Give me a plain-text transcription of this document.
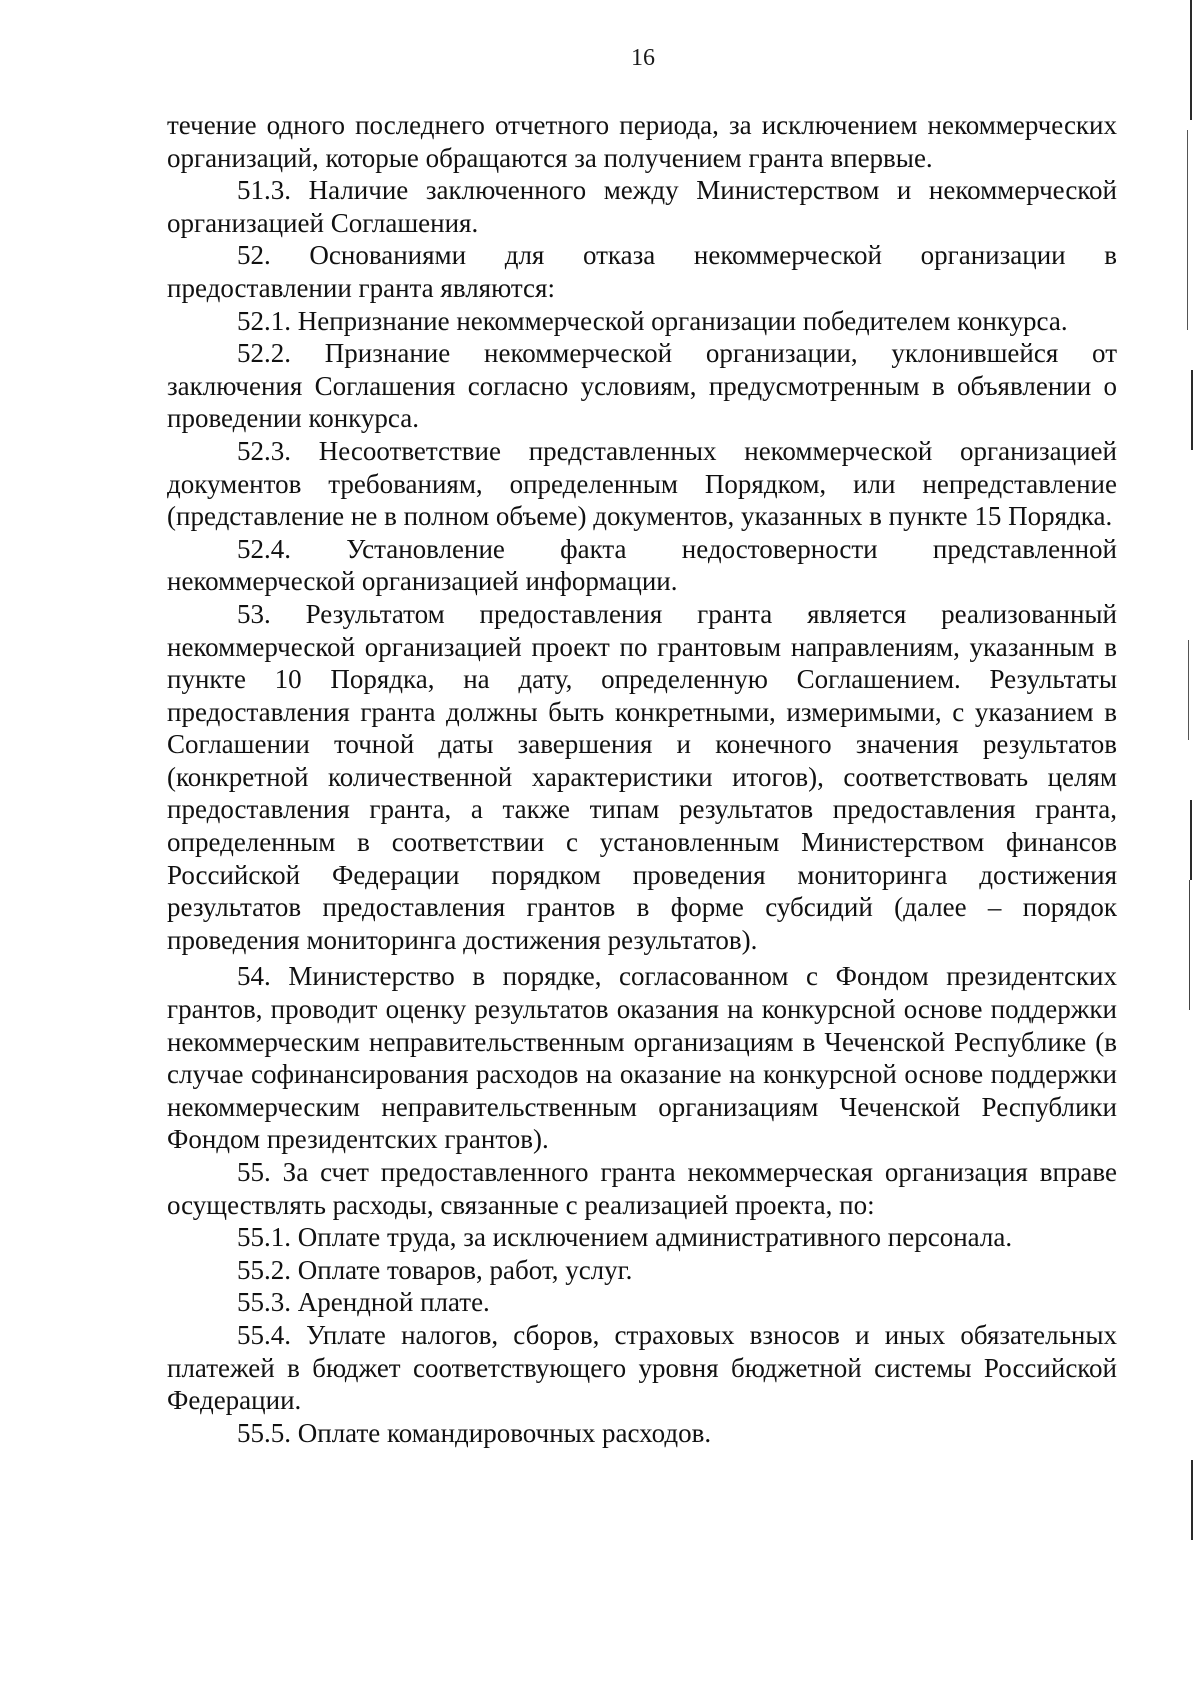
16

течение одного последнего отчетного периода, за исключением некоммерческих организаций, которые обращаются за получением гранта впервые.

51.3. Наличие заключенного между Министерством и некоммерческой организацией Соглашения.

52. Основаниями для отказа некоммерческой организации в предоставлении гранта являются:

52.1. Непризнание некоммерческой организации победителем конкурса.

52.2. Признание некоммерческой организации, уклонившейся от заключения Соглашения согласно условиям, предусмотренным в объявлении о проведении конкурса.

52.3. Несоответствие представленных некоммерческой организацией документов требованиям, определенным Порядком, или непредставление (представление не в полном объеме) документов, указанных в пункте 15 Порядка.

52.4. Установление факта недостоверности представленной некоммерческой организацией информации.

53. Результатом предоставления гранта является реализованный некоммерческой организацией проект по грантовым направлениям, указанным в пункте 10 Порядка, на дату, определенную Соглашением. Результаты предоставления гранта должны быть конкретными, измеримыми, с указанием в Соглашении точной даты завершения и конечного значения результатов (конкретной количественной характеристики итогов), соответствовать целям предоставления гранта, а также типам результатов предоставления гранта, определенным в соответствии с установленным Министерством финансов Российской Федерации порядком проведения мониторинга достижения результатов предоставления грантов в форме субсидий (далее – порядок проведения мониторинга достижения результатов).

54. Министерство в порядке, согласованном с Фондом президентских грантов, проводит оценку результатов оказания на конкурсной основе поддержки некоммерческим неправительственным организациям в Чеченской Республике (в случае софинансирования расходов на оказание на конкурсной основе поддержки некоммерческим неправительственным организациям Чеченской Республики Фондом президентских грантов).

55. За счет предоставленного гранта некоммерческая организация вправе осуществлять расходы, связанные с реализацией проекта, по:

55.1. Оплате труда, за исключением административного персонала.

55.2. Оплате товаров, работ, услуг.

55.3. Арендной плате.

55.4. Уплате налогов, сборов, страховых взносов и иных обязательных платежей в бюджет соответствующего уровня бюджетной системы Российской Федерации.

55.5. Оплате командировочных расходов.
